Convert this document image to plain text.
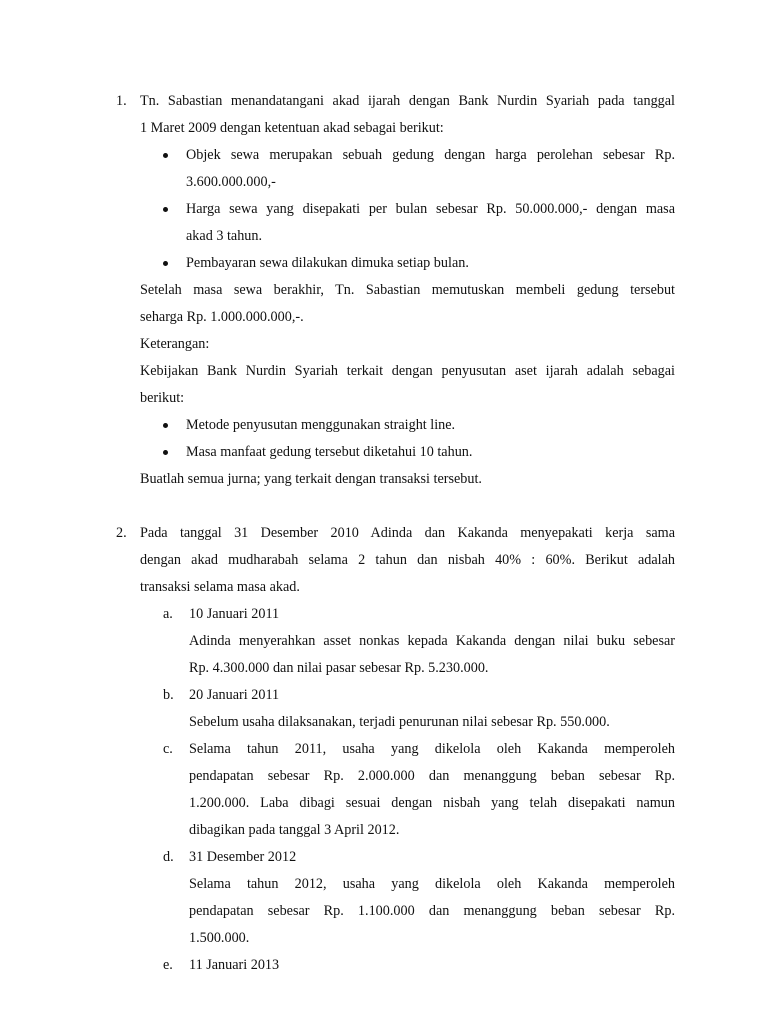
1. Tn. Sabastian menandatangani akad ijarah dengan Bank Nurdin Syariah pada tanggal
1 Maret 2009 dengan ketentuan akad sebagai berikut:
Objek sewa merupakan sebuah gedung dengan harga perolehan sebesar Rp.
3.600.000.000,-
Harga sewa yang disepakati per bulan sebesar Rp. 50.000.000,- dengan masa
akad 3 tahun.
Pembayaran sewa dilakukan dimuka setiap bulan.
Setelah masa sewa berakhir, Tn. Sabastian memutuskan membeli gedung tersebut
seharga Rp. 1.000.000.000,-.
Keterangan:
Kebijakan Bank Nurdin Syariah terkait dengan penyusutan aset ijarah adalah sebagai
berikut:
Metode penyusutan menggunakan straight line.
Masa manfaat gedung tersebut diketahui 10 tahun.
Buatlah semua jurna; yang terkait dengan transaksi tersebut.
2. Pada tanggal 31 Desember 2010 Adinda dan Kakanda menyepakati kerja sama
dengan akad mudharabah selama 2 tahun dan nisbah 40% : 60%. Berikut adalah
transaksi selama masa akad.
a. 10 Januari 2011
Adinda menyerahkan asset nonkas kepada Kakanda dengan nilai buku sebesar
Rp. 4.300.000 dan nilai pasar sebesar Rp. 5.230.000.
b. 20 Januari 2011
Sebelum usaha dilaksanakan, terjadi penurunan nilai sebesar Rp. 550.000.
c. Selama tahun 2011, usaha yang dikelola oleh Kakanda memperoleh
pendapatan sebesar Rp. 2.000.000 dan menanggung beban sebesar Rp.
1.200.000. Laba dibagi sesuai dengan nisbah yang telah disepakati namun
dibagikan pada tanggal 3 April 2012.
d. 31 Desember 2012
Selama tahun 2012, usaha yang dikelola oleh Kakanda memperoleh
pendapatan sebesar Rp. 1.100.000 dan menanggung beban sebesar Rp.
1.500.000.
e. 11 Januari 2013
